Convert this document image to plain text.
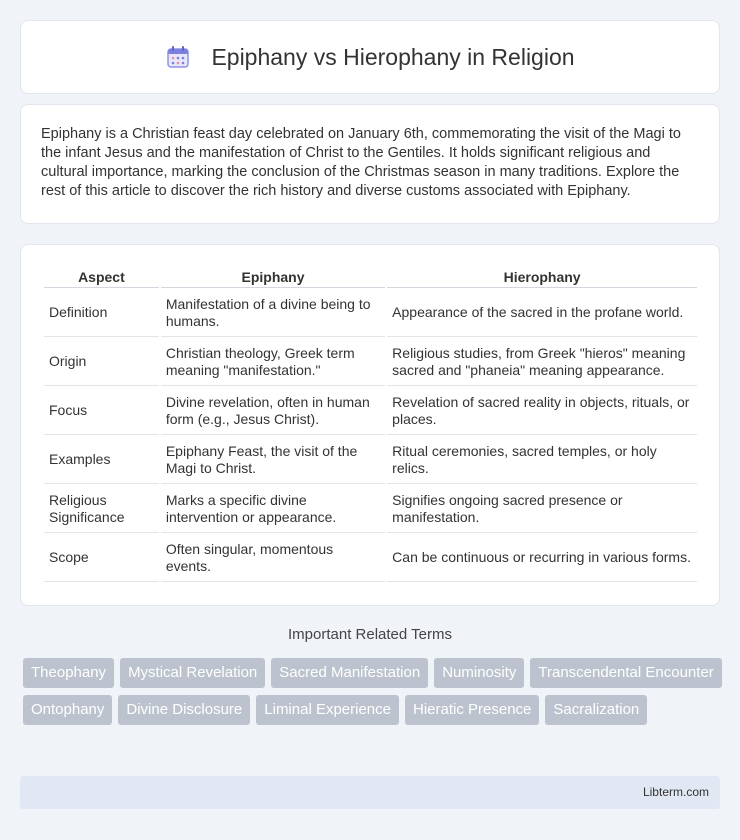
Epiphany vs Hierophany in Religion

Epiphany is a Christian feast day celebrated on January 6th, commemorating the visit of the Magi to the infant Jesus and the manifestation of Christ to the Gentiles. It holds significant religious and cultural importance, marking the conclusion of the Christmas season in many traditions. Explore the rest of this article to discover the rich history and diverse customs associated with Epiphany.

Aspect	Epiphany	Hierophany
Definition	Manifestation of a divine being to humans.	Appearance of the sacred in the profane world.
Origin	Christian theology, Greek term meaning "manifestation."	Religious studies, from Greek "hieros" meaning sacred and "phaneia" meaning appearance.
Focus	Divine revelation, often in human form (e.g., Jesus Christ).	Revelation of sacred reality in objects, rituals, or places.
Examples	Epiphany Feast, the visit of the Magi to Christ.	Ritual ceremonies, sacred temples, or holy relics.
Religious Significance	Marks a specific divine intervention or appearance.	Signifies ongoing sacred presence or manifestation.
Scope	Often singular, momentous events.	Can be continuous or recurring in various forms.
Important Related Terms
Theophany	Mystical Revelation	Sacred Manifestation	Numinosity	Transcendental Encounter
Ontophany	Divine Disclosure	Liminal Experience	Hieratic Presence	Sacralization
Libterm.com
